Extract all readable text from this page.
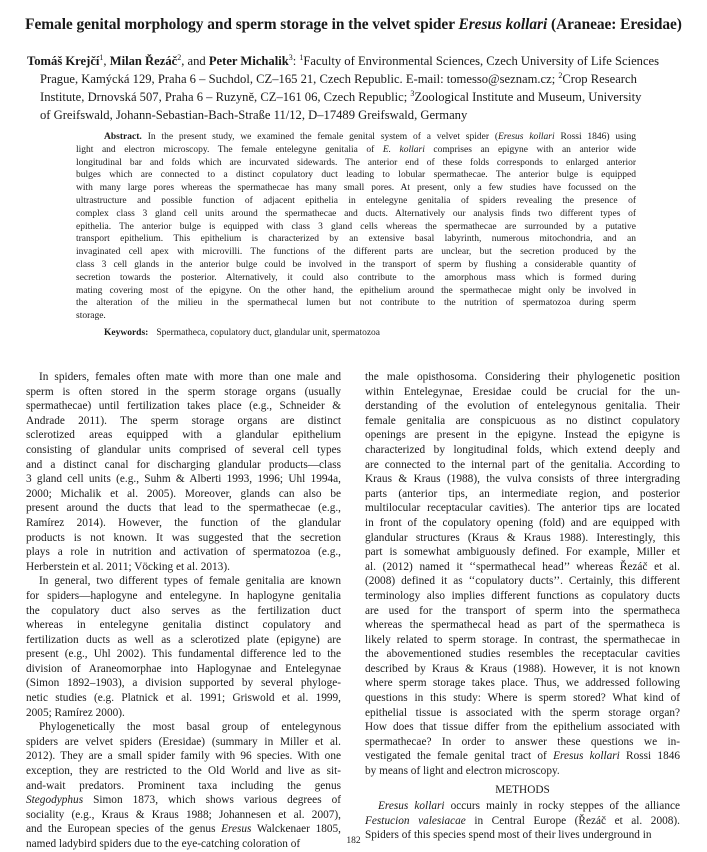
Female genital morphology and sperm storage in the velvet spider Eresus kollari (Araneae: Eresidae)
Tomáš Krejčí$^1$, Milan Řezáč$^2$, and Peter Michalik$^3$: $^1$Faculty of Environmental Sciences, Czech University of Life Sciences
Prague, Kamýcká 129, Praha 6 – Suchdol, CZ–165 21, Czech Republic. E-mail: tomesso@seznam.cz; $^2$Crop Research
Institute, Drnovská 507, Praha 6 – Ruzyně, CZ–161 06, Czech Republic; $^3$Zoological Institute and Museum, University
of Greifswald, Johann-Sebastian-Bach-Straße 11/12, D–17489 Greifswald, Germany
Abstract. In the present study, we examined the female genital system of a velvet spider (Eresus kollari Rossi 1846) using
light and electron microscopy. The female entelegyne genitalia of E. kollari comprises an epigyne with an anterior wide
longitudinal bar and folds which are incurvated sidewards. The anterior end of these folds corresponds to enlarged anterior
bulges which are connected to a distinct copulatory duct leading to lobular spermathecae. The anterior bulge is equipped
with many large pores whereas the spermathecae has many small pores. At present, only a few studies have focussed on the
ultrastructure and possible function of adjacent epithelia in entelegyne genitalia of spiders revealing the presence of
complex class 3 gland cell units around the spermathecae and ducts. Alternatively our analysis finds two different types of
epithelia. The anterior bulge is equipped with class 3 gland cells whereas the spermathecae are surrounded by a putative
transport epithelium. This epithelium is characterized by an extensive basal labyrinth, numerous mitochondria, and an
invaginated cell apex with microvilli. The functions of the different parts are unclear, but the secretion produced by the
class 3 cell glands in the anterior bulge could be involved in the transport of sperm by flushing a considerable quantity of
secretion towards the posterior. Alternatively, it could also contribute to the amorphous mass which is formed during
mating covering most of the epigyne. On the other hand, the epithelium around the spermathecae might only be involved in
the alteration of the milieu in the spermathecal lumen but not contribute to the nutrition of spermatozoa during sperm
storage.
Keywords: Spermatheca, copulatory duct, glandular unit, spermatozoa
In spiders, females often mate with more than one male and
sperm is often stored in the sperm storage organs (usually
spermathecae) until fertilization takes place (e.g., Schneider &
Andrade 2011). The sperm storage organs are distinct
sclerotized areas equipped with a glandular epithelium
consisting of glandular units comprised of several cell types
and a distinct canal for discharging glandular products—class
3 gland cell units (e.g., Suhm & Alberti 1993, 1996; Uhl 1994a,
2000; Michalik et al. 2005). Moreover, glands can also be
present around the ducts that lead to the spermathecae (e.g.,
Ramírez 2014). However, the function of the glandular
products is not known. It was suggested that the secretion
plays a role in nutrition and activation of spermatozoa (e.g.,
Herberstein et al. 2011; Vöcking et al. 2013).
In general, two different types of female genitalia are known
for spiders—haplogyne and entelegyne. In haplogyne genitalia
the copulatory duct also serves as the fertilization duct
whereas in entelegyne genitalia distinct copulatory and
fertilization ducts as well as a sclerotized plate (epigyne) are
present (e.g., Uhl 2002). This fundamental difference led to the
division of Araneomorphae into Haplogynae and Entelegynae
(Simon 1892–1903), a division supported by several phyloge-
netic studies (e.g. Platnick et al. 1991; Griswold et al. 1999,
2005; Ramírez 2000).
Phylogenetically the most basal group of entelegynous
spiders are velvet spiders (Eresidae) (summary in Miller et al.
2012). They are a small spider family with 96 species. With one
exception, they are restricted to the Old World and live as sit-
and-wait predators. Prominent taxa including the genus
Stegodyphus Simon 1873, which shows various degrees of
sociality (e.g., Kraus & Kraus 1988; Johannesen et al. 2007),
and the European species of the genus Eresus Walckenaer 1805,
named ladybird spiders due to the eye-catching coloration of
the male opisthosoma. Considering their phylogenetic position
within Entelegynae, Eresidae could be crucial for the un-
derstanding of the evolution of entelegynous genitalia. Their
female genitalia are conspicuous as no distinct copulatory
openings are present in the epigyne. Instead the epigyne is
characterized by longitudinal folds, which extend deeply and
are connected to the internal part of the genitalia. According to
Kraus & Kraus (1988), the vulva consists of three intergrading
parts (anterior tips, an intermediate region, and posterior
multilocular receptacular cavities). The anterior tips are located
in front of the copulatory opening (fold) and are equipped with
glandular structures (Kraus & Kraus 1988). Interestingly, this
part is somewhat ambiguously defined. For example, Miller et
al. (2012) named it ‘‘spermathecal head’’ whereas Řezáč et al.
(2008) defined it as ‘‘copulatory ducts’’. Certainly, this different
terminology also implies different functions as copulatory ducts
are used for the transport of sperm into the spermatheca
whereas the spermathecal head as part of the spermatheca is
likely related to sperm storage. In contrast, the spermathecae in
the abovementioned studies resembles the receptacular cavities
described by Kraus & Kraus (1988). However, it is not known
where sperm storage takes place. Thus, we addressed following
questions in this study: Where is sperm stored? What kind of
epithelial tissue is associated with the sperm storage organ?
How does that tissue differ from the epithelium associated with
spermathecae? In order to answer these questions we in-
vestigated the female genital tract of Eresus kollari Rossi 1846
by means of light and electron microscopy.
METHODS
Eresus kollari occurs mainly in rocky steppes of the alliance
Festucion valesiacae in Central Europe (Řezáč et al. 2008).
Spiders of this species spend most of their lives underground in
182
